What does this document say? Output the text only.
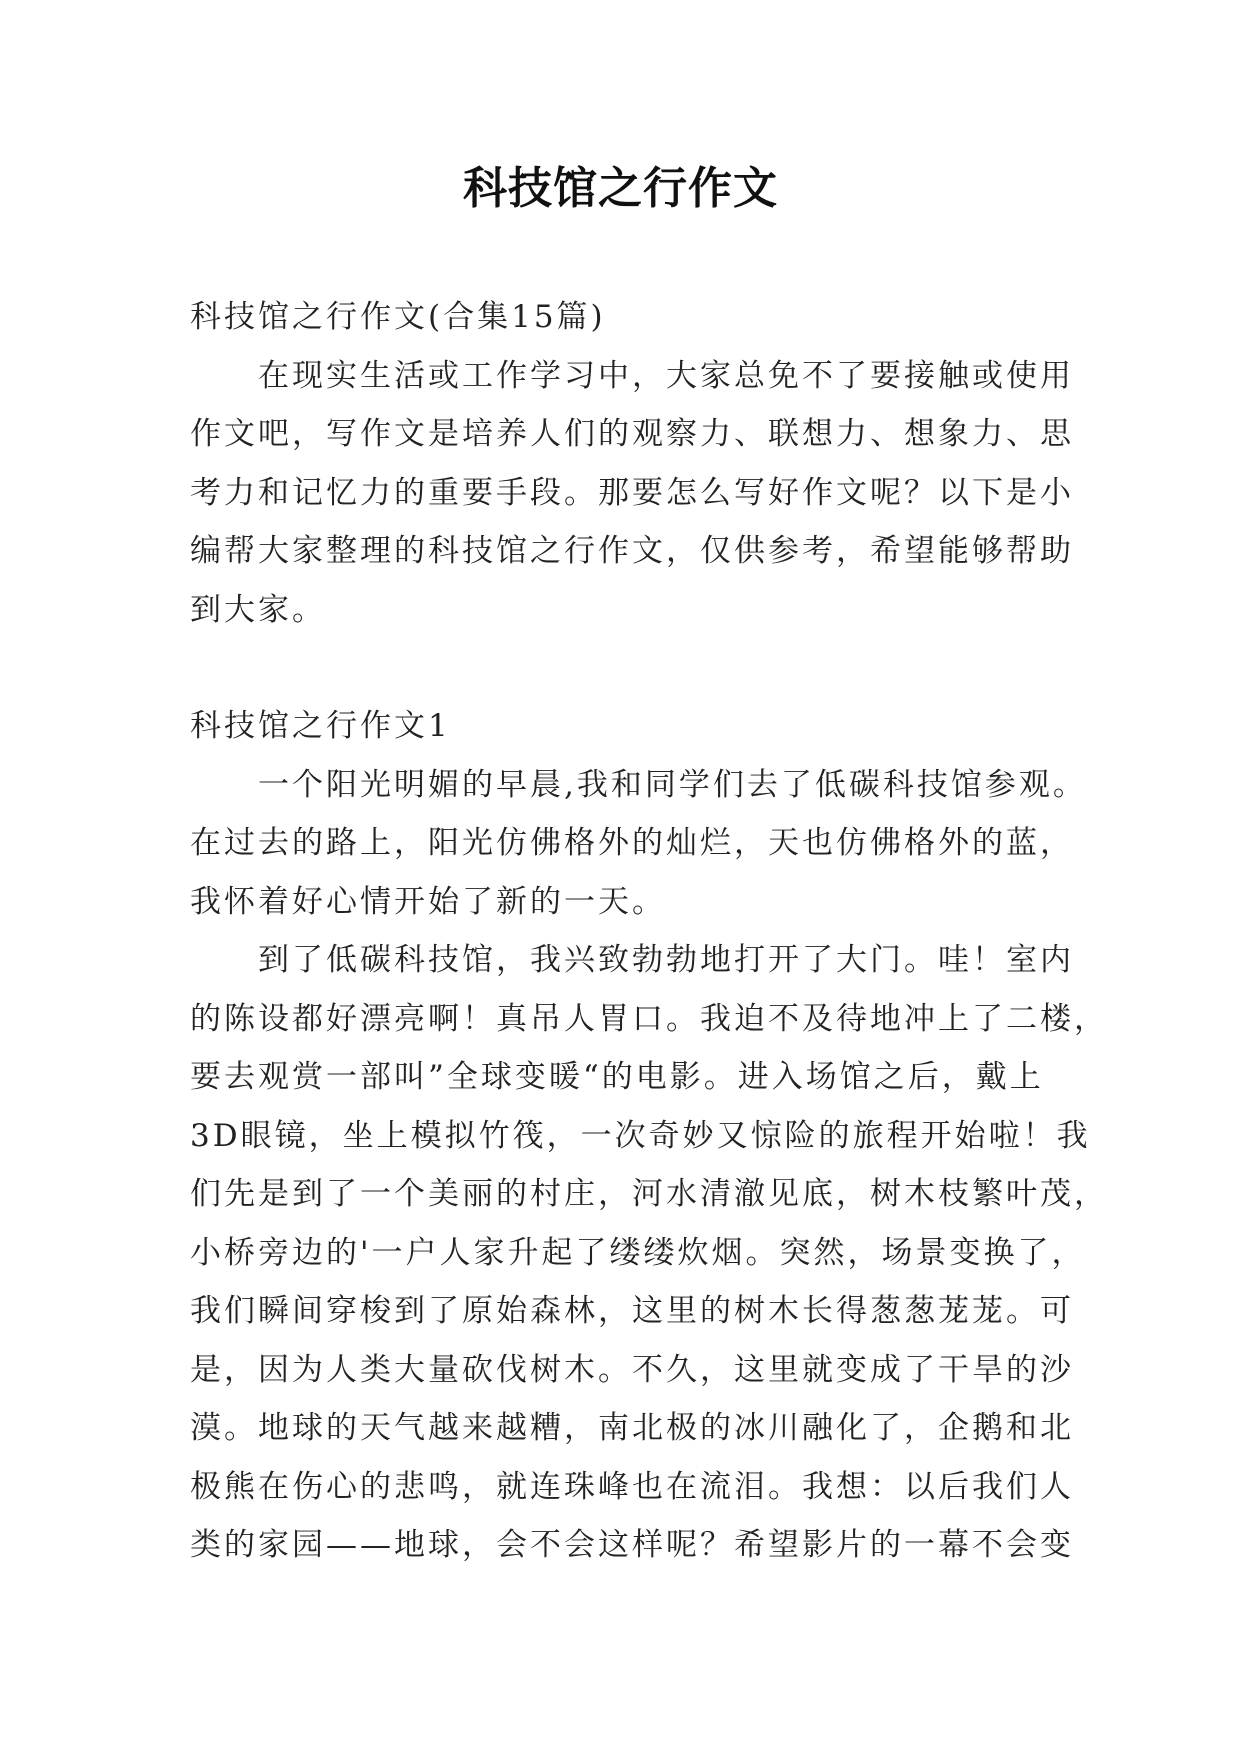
科技馆之行作文
科技馆之行作文(合集15篇)
在现实生活或工作学习中，大家总免不了要接触或使用
作文吧，写作文是培养人们的观察力、联想力、想象力、思
考力和记忆力的重要手段。那要怎么写好作文呢？以下是小
编帮大家整理的科技馆之行作文，仅供参考，希望能够帮助
到大家。
科技馆之行作文1
一个阳光明媚的早晨,我和同学们去了低碳科技馆参观。
在过去的路上，阳光仿佛格外的灿烂，天也仿佛格外的蓝，
我怀着好心情开始了新的一天。
到了低碳科技馆，我兴致勃勃地打开了大门。哇！室内
的陈设都好漂亮啊！真吊人胃口。我迫不及待地冲上了二楼，
要去观赏一部叫”全球变暖“的电影。进入场馆之后，戴上
3D眼镜，坐上模拟竹筏，一次奇妙又惊险的旅程开始啦！我
们先是到了一个美丽的村庄，河水清澈见底，树木枝繁叶茂，
小桥旁边的'一户人家升起了缕缕炊烟。突然，场景变换了，
我们瞬间穿梭到了原始森林，这里的树木长得葱葱茏茏。可
是，因为人类大量砍伐树木。不久，这里就变成了干旱的沙
漠。地球的天气越来越糟，南北极的冰川融化了，企鹅和北
极熊在伤心的悲鸣，就连珠峰也在流泪。我想：以后我们人
类的家园——地球，会不会这样呢？希望影片的一幕不会变
